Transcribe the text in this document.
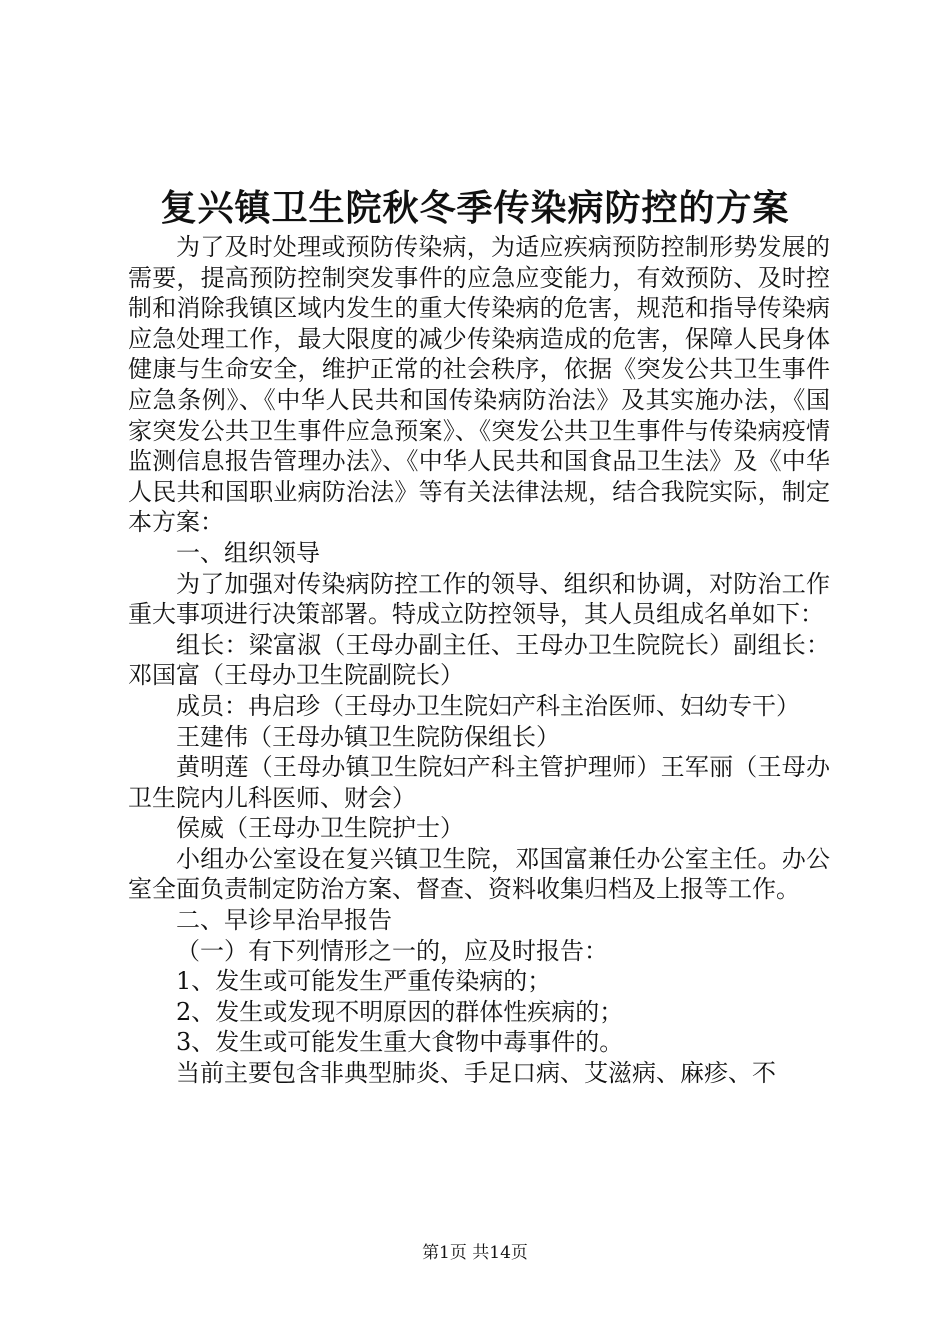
复兴镇卫生院秋冬季传染病防控的方案

为了及时处理或预防传染病，为适应疾病预防控制形势发展的需要，提高预防控制突发事件的应急应变能力，有效预防、及时控制和消除我镇区域内发生的重大传染病的危害，规范和指导传染病应急处理工作，最大限度的减少传染病造成的危害，保障人民身体健康与生命安全，维护正常的社会秩序，依据《突发公共卫生事件应急条例》、《中华人民共和国传染病防治法》及其实施办法，《国家突发公共卫生事件应急预案》、《突发公共卫生事件与传染病疫情监测信息报告管理办法》、《中华人民共和国食品卫生法》及《中华人民共和国职业病防治法》等有关法律法规，结合我院实际，制定本方案：

一、组织领导

为了加强对传染病防控工作的领导、组织和协调，对防治工作重大事项进行决策部署。特成立防控领导，其人员组成名单如下：

组长：梁富淑（王母办副主任、王母办卫生院院长）副组长：邓国富（王母办卫生院副院长）

成员：冉启珍（王母办卫生院妇产科主治医师、妇幼专干）

王建伟（王母办镇卫生院防保组长）

黄明莲（王母办镇卫生院妇产科主管护理师）王军丽（王母办卫生院内儿科医师、财会）

侯威（王母办卫生院护士）

小组办公室设在复兴镇卫生院，邓国富兼任办公室主任。办公室全面负责制定防治方案、督查、资料收集归档及上报等工作。

二、早诊早治早报告

（一）有下列情形之一的，应及时报告：

1、发生或可能发生严重传染病的；

2、发生或发现不明原因的群体性疾病的；

3、发生或可能发生重大食物中毒事件的。

当前主要包含非典型肺炎、手足口病、艾滋病、麻疹、不

第1页 共14页
